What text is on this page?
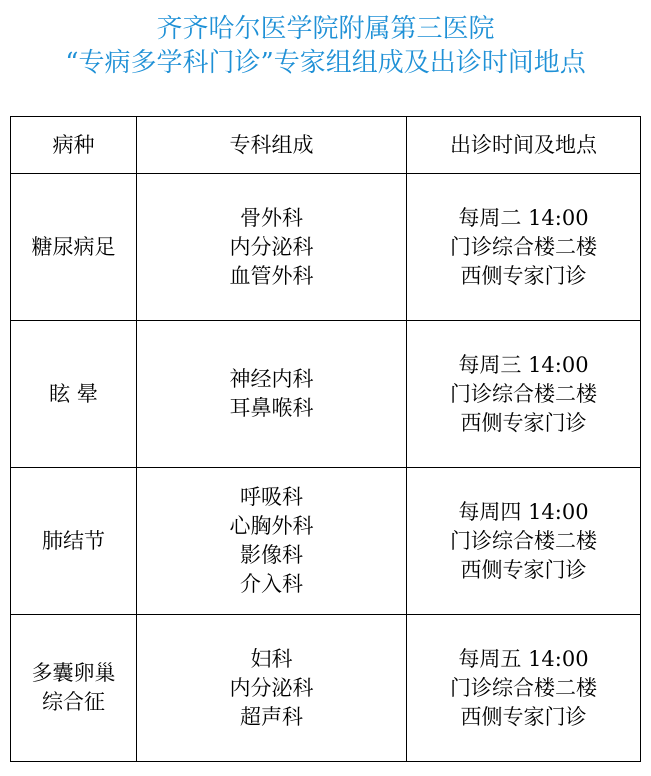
齐齐哈尔医学院附属第三医院
“专病多学科门诊”专家组组成及出诊时间地点
病种	专科组成	出诊时间及地点

糖尿病足	骨外科
内分泌科
血管外科	每周二 14:00
门诊综合楼二楼
西侧专家门诊

眩 晕	神经内科
耳鼻喉科	每周三 14:00
门诊综合楼二楼
西侧专家门诊

肺结节	呼吸科
心胸外科
影像科
介入科	每周四 14:00
门诊综合楼二楼
西侧专家门诊

多囊卵巢
综合征	妇科
内分泌科
超声科	每周五 14:00
门诊综合楼二楼
西侧专家门诊
